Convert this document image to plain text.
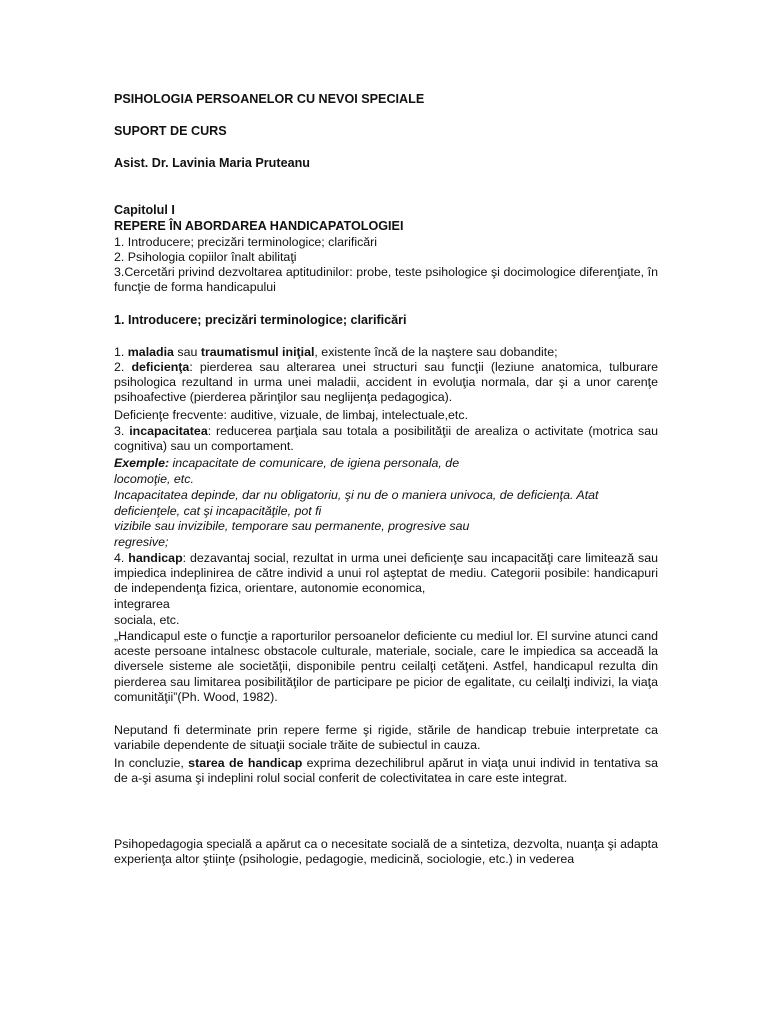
PSIHOLOGIA PERSOANELOR CU NEVOI SPECIALE

SUPORT DE CURS

Asist. Dr. Lavinia Maria Pruteanu

Capitolul I

REPERE ÎN ABORDAREA HANDICAPATOLOGIEI

1. Introducere; precizări terminologice; clarificări

2. Psihologia copiilor înalt abilitaţi

3.Cercetări privind dezvoltarea aptitudinilor: probe, teste psihologice şi docimologice diferenţiate, în funcţie de forma handicapului

1. Introducere; precizări terminologice; clarificări

1. maladia sau traumatismul iniţial, existente încă de la naştere sau dobandite;

2. deficienţa: pierderea sau alterarea unei structuri sau funcţii (leziune anatomica, tulburare psihologica rezultand in urma unei maladii, accident in evoluţia normala, dar şi a unor carenţe psihoafective (pierderea părinţilor sau neglijenţa pedagogica).

Deficienţe frecvente: auditive, vizuale, de limbaj, intelectuale,etc.

3. incapacitatea: reducerea parţiala sau totala a posibilităţii de arealiza o activitate (motrica sau cognitiva) sau un comportament.

Exemple: incapacitate de comunicare, de igiena personala, de

locomoţie, etc.

Incapacitatea depinde, dar nu obligatoriu, şi nu de o maniera univoca, de deficienţa. Atat

deficienţele, cat şi incapacităţile, pot fi

vizibile sau invizibile, temporare sau permanente, progresive sau

regresive;

4. handicap: dezavantaj social, rezultat in urma unei deficienţe sau incapacităţi care limitează sau impiedica indeplinirea de către individ a unui rol aşteptat de mediu. Categorii posibile: handicapuri de independenţa fizica, orientare, autonomie economica,

integrarea

sociala, etc.

„Handicapul este o funcţie a raporturilor persoanelor deficiente cu mediul lor. El survine atunci cand aceste persoane intalnesc obstacole culturale, materiale, sociale, care le impiedica sa acceadă la diversele sisteme ale societăţii, disponibile pentru ceilalţi cetăţeni. Astfel, handicapul rezulta din pierderea sau limitarea posibilităţilor de participare pe picior de egalitate, cu ceilalţi indivizi, la viaţa comunităţii”(Ph. Wood, 1982).

Neputand fi determinate prin repere ferme şi rigide, stările de handicap trebuie interpretate ca variabile dependente de situaţii sociale trăite de subiectul in cauza.

In concluzie, starea de handicap exprima dezechilibrul apărut in viaţa unui individ in tentativa sa de a-şi asuma şi indeplini rolul social conferit de colectivitatea in care este integrat.

Psihopedagogia specială a apărut ca o necesitate socială de a sintetiza, dezvolta, nuanţa şi adapta experienţa altor ştiinţe (psihologie, pedagogie, medicină, sociologie, etc.) in vederea
